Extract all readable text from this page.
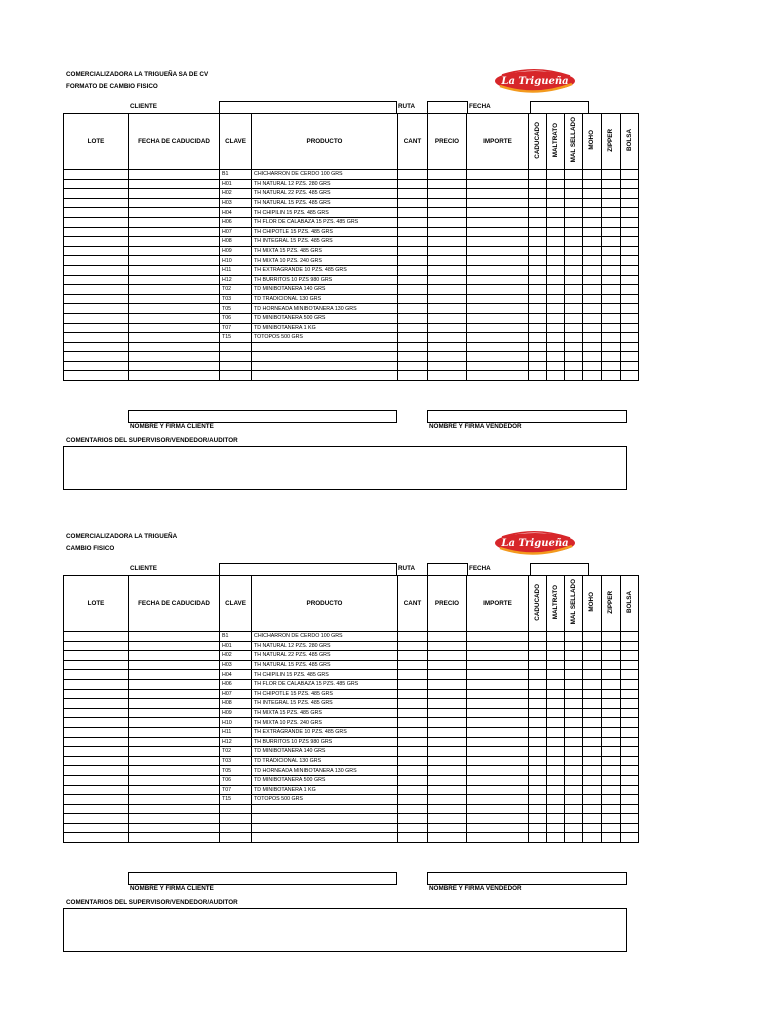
COMERCIALIZADORA LA TRIGUEÑA SA DE CV
FORMATO DE CAMBIO FISICO	La Trigueña
CLIENTE	RUTA	FECHA
LOTE	FECHA DE CADUCIDAD	CLAVE	PRODUCTO	CANT	PRECIO	IMPORTE	CADUCADO	MALTRATO	MAL SELLADO	MOHO	ZIPPER	BOLSA
		B1	CHICHARRON DE CERDO 100 GRS									
		H01	TH NATURAL 12 PZS. 280 GRS									
		H02	TH NATURAL 22 PZS. 485 GRS									
		H03	TH NATURAL 15 PZS. 485 GRS									
		H04	TH CHIPILIN 15 PZS. 485 GRS									
		H06	TH FLOR DE CALABAZA 15 PZS. 485 GRS									
		H07	TH CHIPOTLE 15 PZS. 485 GRS									
		H08	TH INTEGRAL 15 PZS. 485 GRS									
		H09	TH MIXTA 15 PZS. 485 GRS									
		H10	TH MIXTA 10 PZS. 240 GRS									
		H11	TH EXTRAGRANDE 10 PZS. 485 GRS									
		H12	TH BURRITOS 10 PZS 980 GRS									
		T02	TD MINIBOTANERA 140 GRS									
		T03	TD TRADICIONAL 130 GRS									
		T05	TD HORNEADA MINIBOTANERA 130 GRS									
		T06	TD MINIBOTANERA 500 GRS									
		T07	TD MINIBOTANERA 1 KG									
		T15	TOTOPOS 500 GRS									

NOMBRE Y FIRMA CLIENTE	NOMBRE Y FIRMA VENDEDOR
COMENTARIOS DEL SUPERVISOR/VENDEDOR/AUDITOR
COMERCIALIZADORA LA TRIGUEÑA
CAMBIO FISICO	La Trigueña
CLIENTE	RUTA	FECHA
LOTE	FECHA DE CADUCIDAD	CLAVE	PRODUCTO	CANT	PRECIO	IMPORTE	CADUCADO	MALTRATO	MAL SELLADO	MOHO	ZIPPER	BOLSA
		B1	CHICHARRON DE CERDO 100 GRS									
		H01	TH NATURAL 12 PZS. 280 GRS									
		H02	TH NATURAL 22 PZS. 485 GRS									
		H03	TH NATURAL 15 PZS. 485 GRS									
		H04	TH CHIPILIN 15 PZS. 485 GRS									
		H06	TH FLOR DE CALABAZA 15 PZS. 485 GRS									
		H07	TH CHIPOTLE 15 PZS. 485 GRS									
		H08	TH INTEGRAL 15 PZS. 485 GRS									
		H09	TH MIXTA 15 PZS. 485 GRS									
		H10	TH MIXTA 10 PZS. 240 GRS									
		H11	TH EXTRAGRANDE 10 PZS. 485 GRS									
		H12	TH BURRITOS 10 PZS 980 GRS									
		T02	TD MINIBOTANERA 140 GRS									
		T03	TD TRADICIONAL 130 GRS									
		T05	TD HORNEADA MINIBOTANERA 130 GRS									
		T06	TD MINIBOTANERA 500 GRS									
		T07	TD MINIBOTANERA 1 KG									
		T15	TOTOPOS 500 GRS									

NOMBRE Y FIRMA CLIENTE	NOMBRE Y FIRMA VENDEDOR
COMENTARIOS DEL SUPERVISOR/VENDEDOR/AUDITOR
